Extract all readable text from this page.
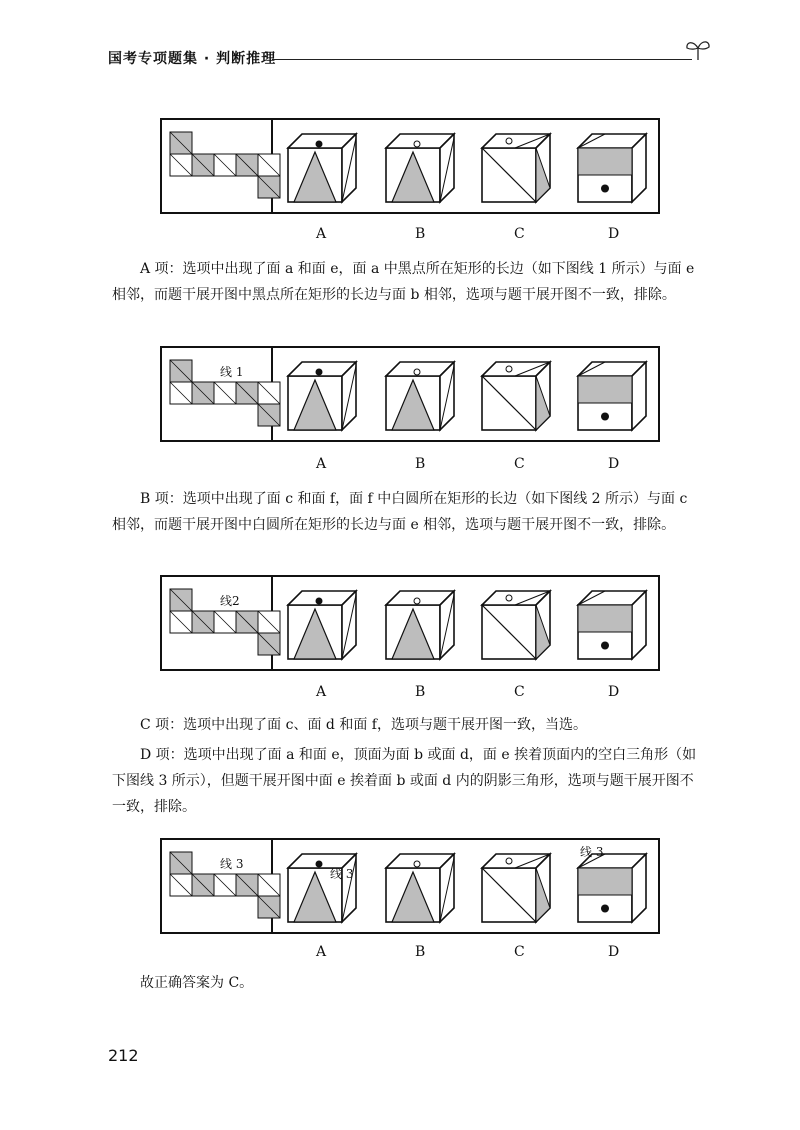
国考专项题集 · 判断推理
线 1
线2
线 3
线 3
线 3
A	B	C	D
A	B	C	D
A	B	C	D
A	B	C	D

A 项：选项中出现了面 a 和面 e，面 a 中黑点所在矩形的长边（如下图线 1 所示）与面 e 相邻，而题干展开图中黑点所在矩形的长边与面 b 相邻，选项与题干展开图不一致，排除。

B 项：选项中出现了面 c 和面 f，面 f 中白圆所在矩形的长边（如下图线 2 所示）与面 c 相邻，而题干展开图中白圆所在矩形的长边与面 e 相邻，选项与题干展开图不一致，排除。

C 项：选项中出现了面 c、面 d 和面 f，选项与题干展开图一致，当选。

D 项：选项中出现了面 a 和面 e，顶面为面 b 或面 d，面 e 挨着顶面内的空白三角形（如下图线 3 所示），但题干展开图中面 e 挨着面 b 或面 d 内的阴影三角形，选项与题干展开图不一致，排除。

故正确答案为 C。
212
